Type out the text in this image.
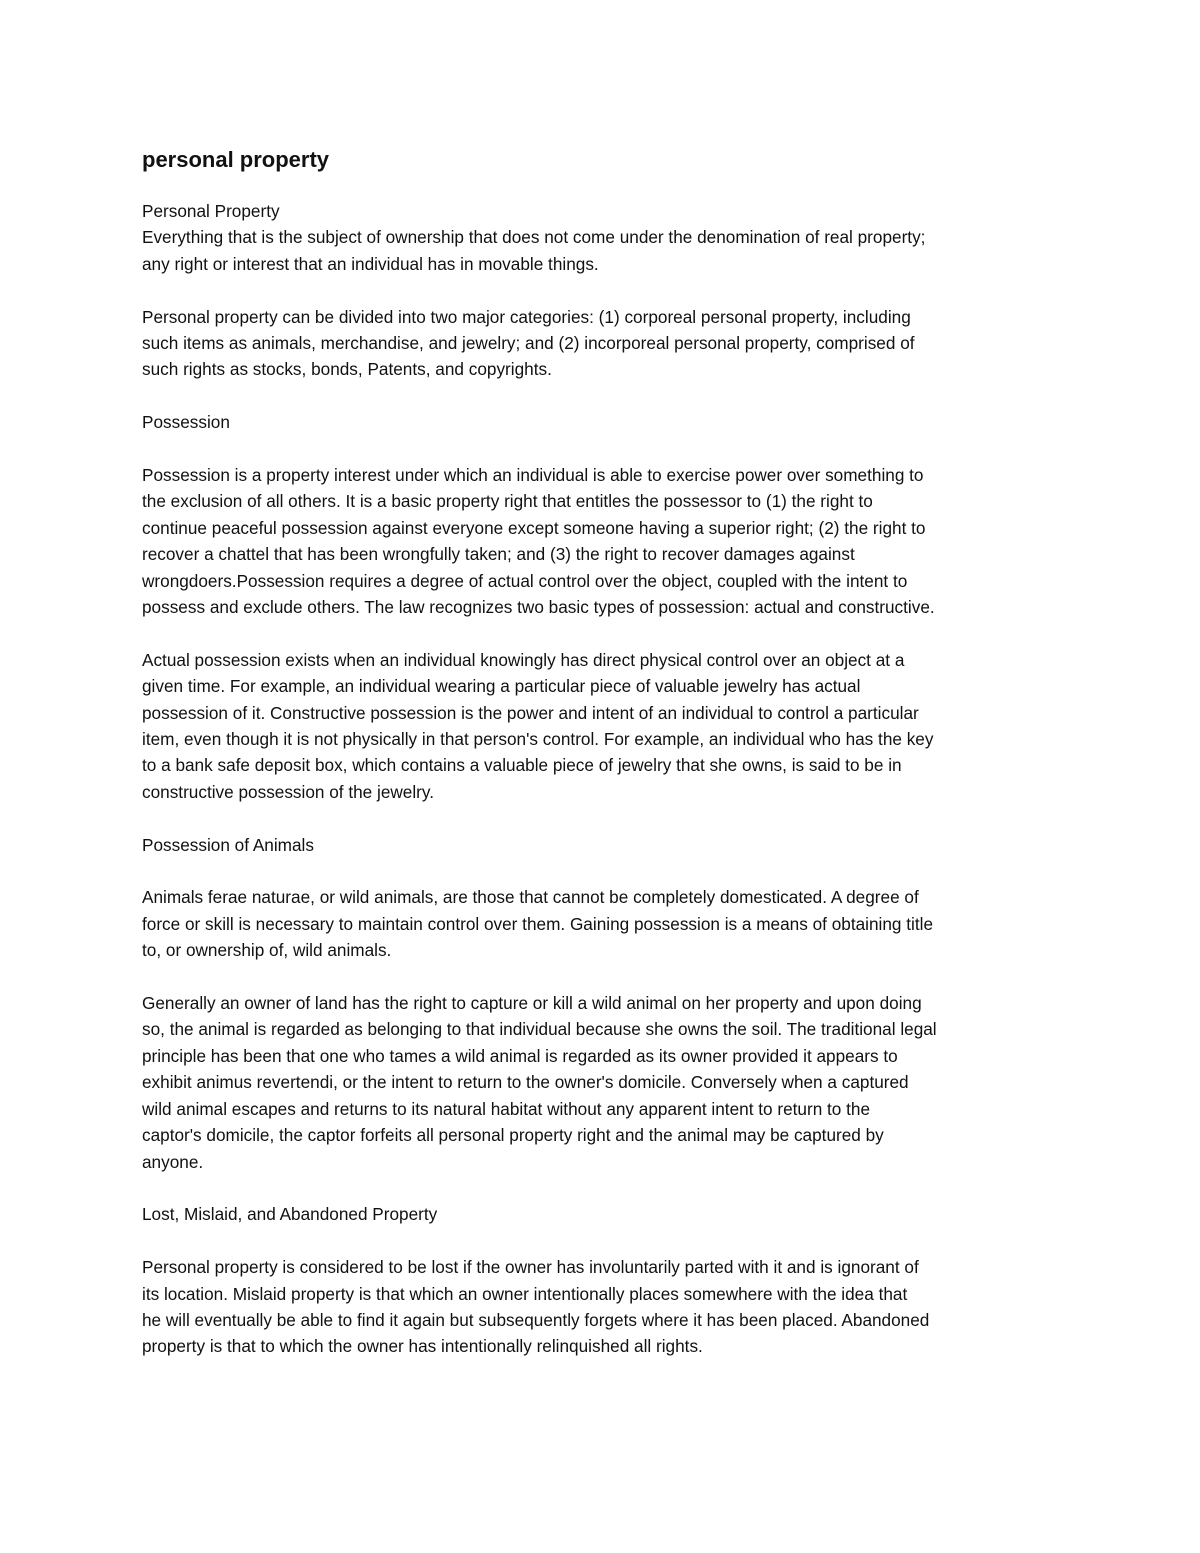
personal property

Personal Property
Everything that is the subject of ownership that does not come under the denomination of real property;
any right or interest that an individual has in movable things.

Personal property can be divided into two major categories: (1) corporeal personal property, including
such items as animals, merchandise, and jewelry; and (2) incorporeal personal property, comprised of
such rights as stocks, bonds, Patents, and copyrights.

Possession

Possession is a property interest under which an individual is able to exercise power over something to
the exclusion of all others. It is a basic property right that entitles the possessor to (1) the right to
continue peaceful possession against everyone except someone having a superior right; (2) the right to
recover a chattel that has been wrongfully taken; and (3) the right to recover damages against
wrongdoers.Possession requires a degree of actual control over the object, coupled with the intent to
possess and exclude others. The law recognizes two basic types of possession: actual and constructive.

Actual possession exists when an individual knowingly has direct physical control over an object at a
given time. For example, an individual wearing a particular piece of valuable jewelry has actual
possession of it. Constructive possession is the power and intent of an individual to control a particular
item, even though it is not physically in that person's control. For example, an individual who has the key
to a bank safe deposit box, which contains a valuable piece of jewelry that she owns, is said to be in
constructive possession of the jewelry.

Possession of Animals

Animals ferae naturae, or wild animals, are those that cannot be completely domesticated. A degree of
force or skill is necessary to maintain control over them. Gaining possession is a means of obtaining title
to, or ownership of, wild animals.

Generally an owner of land has the right to capture or kill a wild animal on her property and upon doing
so, the animal is regarded as belonging to that individual because she owns the soil. The traditional legal
principle has been that one who tames a wild animal is regarded as its owner provided it appears to
exhibit animus revertendi, or the intent to return to the owner's domicile. Conversely when a captured
wild animal escapes and returns to its natural habitat without any apparent intent to return to the
captor's domicile, the captor forfeits all personal property right and the animal may be captured by
anyone.

Lost, Mislaid, and Abandoned Property

Personal property is considered to be lost if the owner has involuntarily parted with it and is ignorant of
its location. Mislaid property is that which an owner intentionally places somewhere with the idea that
he will eventually be able to find it again but subsequently forgets where it has been placed. Abandoned
property is that to which the owner has intentionally relinquished all rights.
